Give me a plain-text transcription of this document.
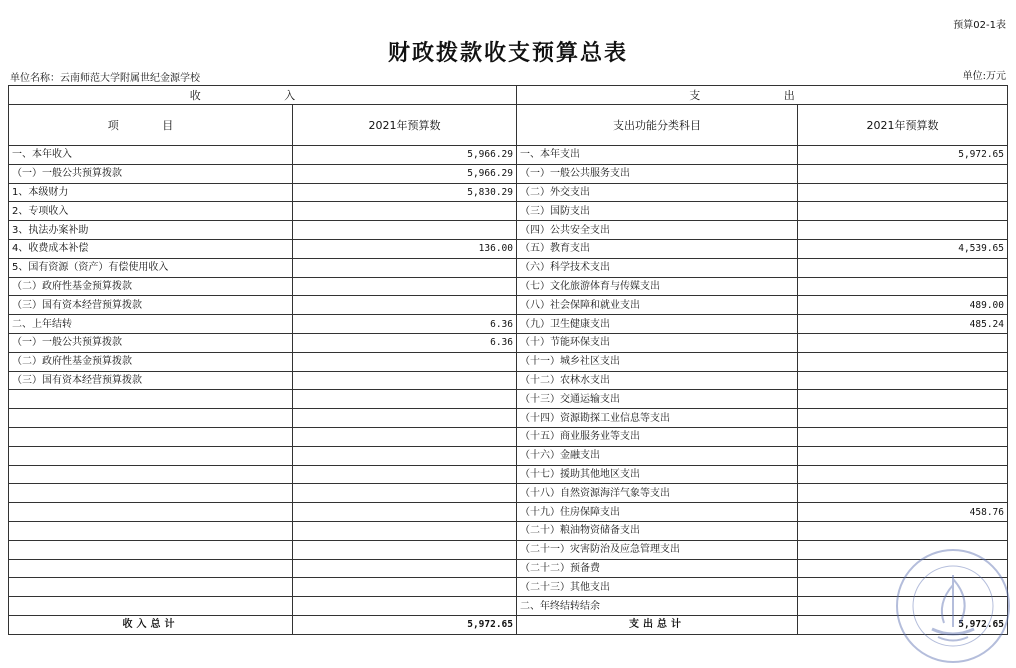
预算02-1表
财政拨款收支预算总表
单位名称：云南师范大学附属世纪金源学校	单位:万元
收 入		支 出	
项 目	2021年预算数	支出功能分类科目	2021年预算数
一、本年收入	5,966.29	一、本年支出	5,972.65
（一）一般公共预算拨款	5,966.29	（一）一般公共服务支出	
1、本级财力	5,830.29	（二）外交支出	
2、专项收入		（三）国防支出	
3、执法办案补助		（四）公共安全支出	
4、收费成本补偿	136.00	（五）教育支出	4,539.65
5、国有资源（资产）有偿使用收入		（六）科学技术支出	
（二）政府性基金预算拨款		（七）文化旅游体育与传媒支出	
（三）国有资本经营预算拨款		（八）社会保障和就业支出	489.00
二、上年结转	6.36	（九）卫生健康支出	485.24
（一）一般公共预算拨款	6.36	（十）节能环保支出	
（二）政府性基金预算拨款		（十一）城乡社区支出	
（三）国有资本经营预算拨款		（十二）农林水支出	
		（十三）交通运输支出	
		（十四）资源勘探工业信息等支出	
		（十五）商业服务业等支出	
		（十六）金融支出	
		（十七）援助其他地区支出	
		（十八）自然资源海洋气象等支出	
		（十九）住房保障支出	458.76
		（二十）粮油物资储备支出	
		（二十一）灾害防治及应急管理支出	
		（二十二）预备费	
		（二十三）其他支出	
		二、年终结转结余	
收入总计	5,972.65	支出总计	5,972.65
